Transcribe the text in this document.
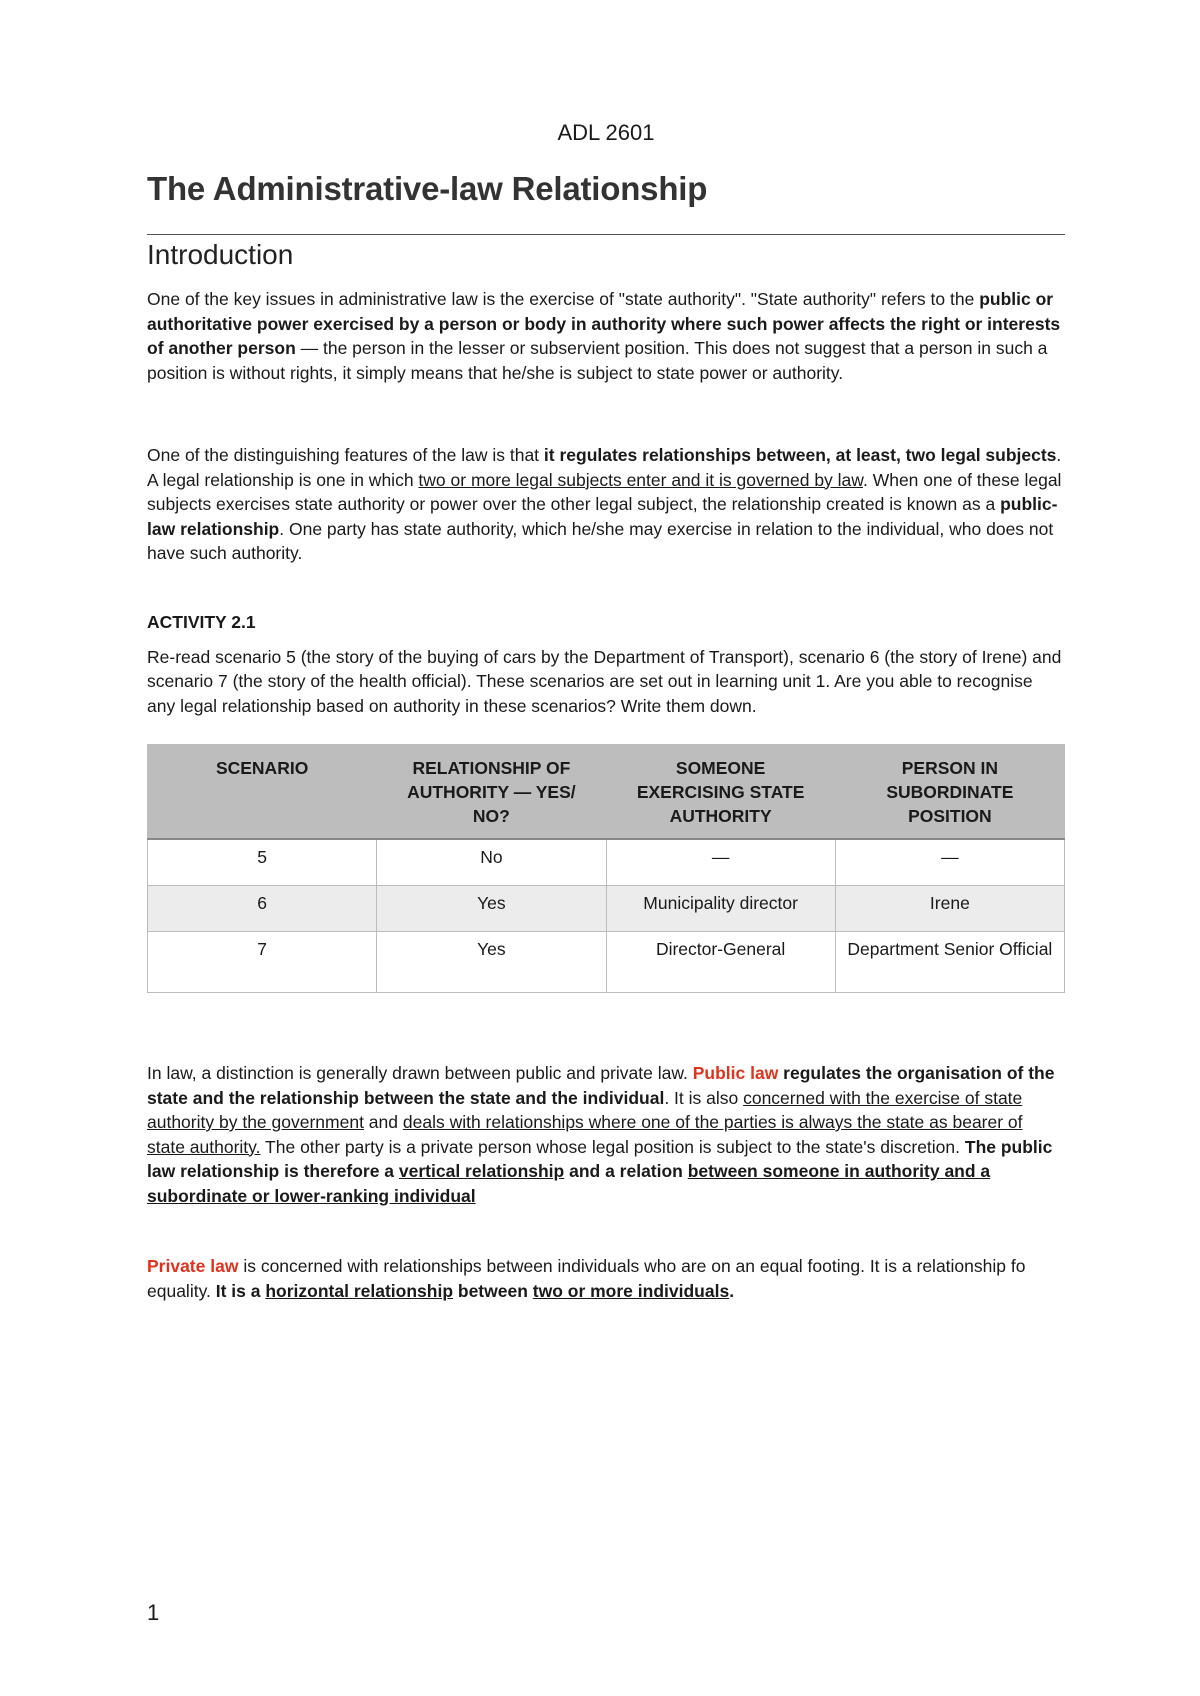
ADL 2601
The Administrative-law Relationship
Introduction

One of the key issues in administrative law is the exercise of "state authority". "State authority" refers to the public or authoritative power exercised by a person or body in authority where such power affects the right or interests of another person — the person in the lesser or subservient position. This does not suggest that a person in such a position is without rights, it simply means that he/she is subject to state power or authority.

One of the distinguishing features of the law is that it regulates relationships between, at least, two legal subjects. A legal relationship is one in which two or more legal subjects enter and it is governed by law. When one of these legal subjects exercises state authority or power over the other legal subject, the relationship created is known as a public-law relationship. One party has state authority, which he/she may exercise in relation to the individual, who does not have such authority.

ACTIVITY 2.1

Re-read scenario 5 (the story of the buying of cars by the Department of Transport), scenario 6 (the story of Irene) and scenario 7 (the story of the health official). These scenarios are set out in learning unit 1. Are you able to recognise any legal relationship based on authority in these scenarios? Write them down.

SCENARIO	RELATIONSHIP OF AUTHORITY — YES/ NO?	SOMEONE EXERCISING STATE AUTHORITY	PERSON IN SUBORDINATE POSITION
5	No	—	—
6	Yes	Municipality director	Irene
7	Yes	Director-General	Department Senior Official

In law, a distinction is generally drawn between public and private law. Public law regulates the organisation of the state and the relationship between the state and the individual. It is also concerned with the exercise of state authority by the government and deals with relationships where one of the parties is always the state as bearer of state authority. The other party is a private person whose legal position is subject to the state's discretion. The public law relationship is therefore a vertical relationship and a relation between someone in authority and a subordinate or lower-ranking individual

Private law is concerned with relationships between individuals who are on an equal footing. It is a relationship fo equality. It is a horizontal relationship between two or more individuals.

1
